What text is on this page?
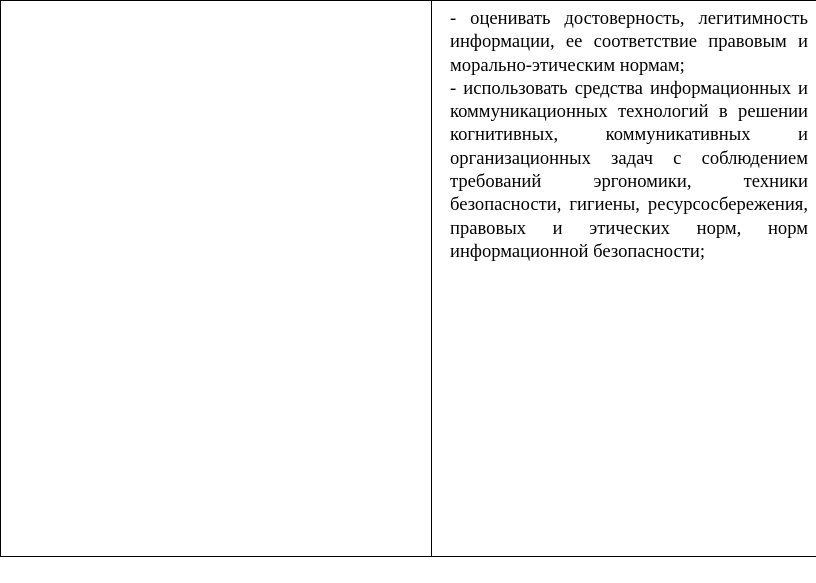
- оценивать достоверность, легитимность информации, ее соответствие правовым и морально-этическим нормам;

- использовать средства информационных и коммуникационных технологий в решении когнитивных, коммуникативных и организационных задач с соблюдением требований эргономики, техники безопасности, гигиены, ресурсосбережения, правовых и этических норм, норм информационной безопасности;
